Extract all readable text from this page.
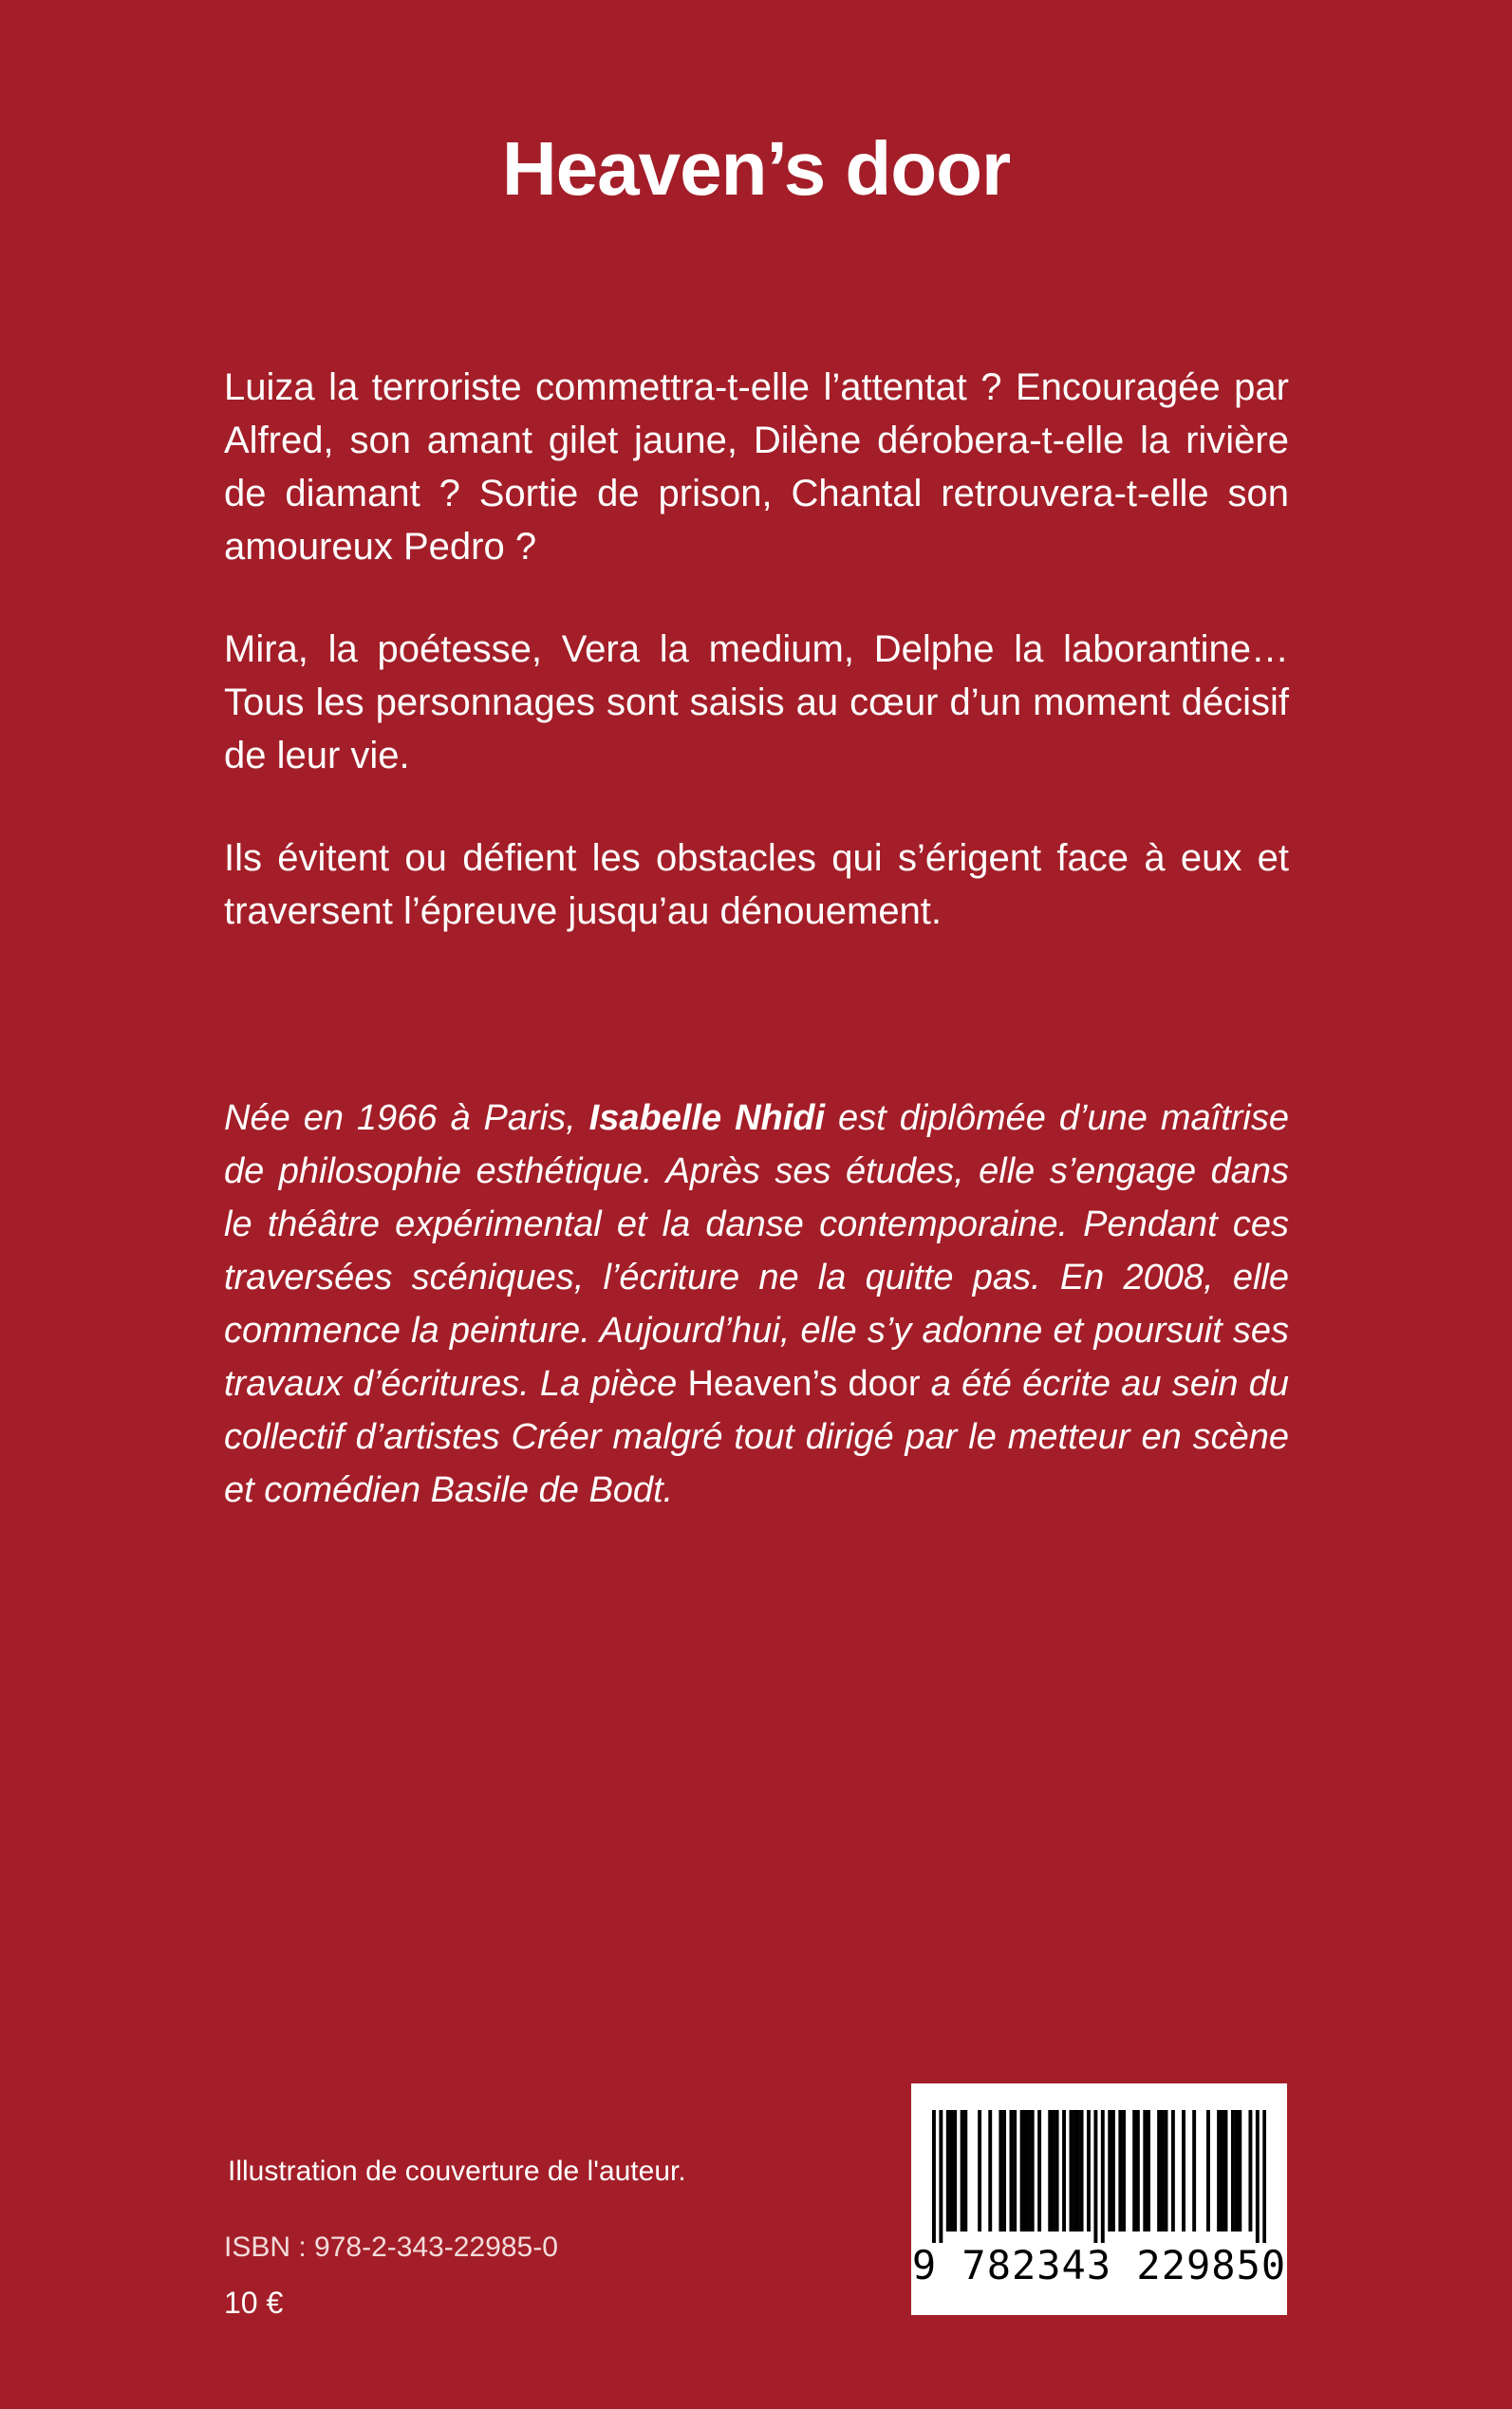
Heaven’s door

Luiza la terroriste commettra-t-elle l’attentat ? Encouragée par Alfred, son amant gilet jaune, Dilène dérobera-t-elle la rivière de diamant ? Sortie de prison, Chantal retrouvera-t-elle son amoureux Pedro ?

Mira, la poétesse, Vera la medium, Delphe la laborantine… Tous les personnages sont saisis au cœur d’un moment décisif de leur vie.

Ils évitent ou défient les obstacles qui s’érigent face à eux et traversent l’épreuve jusqu’au dénouement.

Née en 1966 à Paris, Isabelle Nhidi est diplômée d’une maîtrise de philosophie esthétique. Après ses études, elle s’engage dans le théâtre expérimental et la danse contemporaine. Pendant ces traversées scéniques, l’écriture ne la quitte pas. En 2008, elle commence la peinture. Aujourd’hui, elle s’y adonne et poursuit ses travaux d’écritures. La pièce Heaven’s door a été écrite au sein du collectif d’artistes Créer malgré tout dirigé par le metteur en scène et comédien Basile de Bodt.

Illustration de couverture de l'auteur.

ISBN : 978-2-343-22985-0

10 €

9 782343 229850
